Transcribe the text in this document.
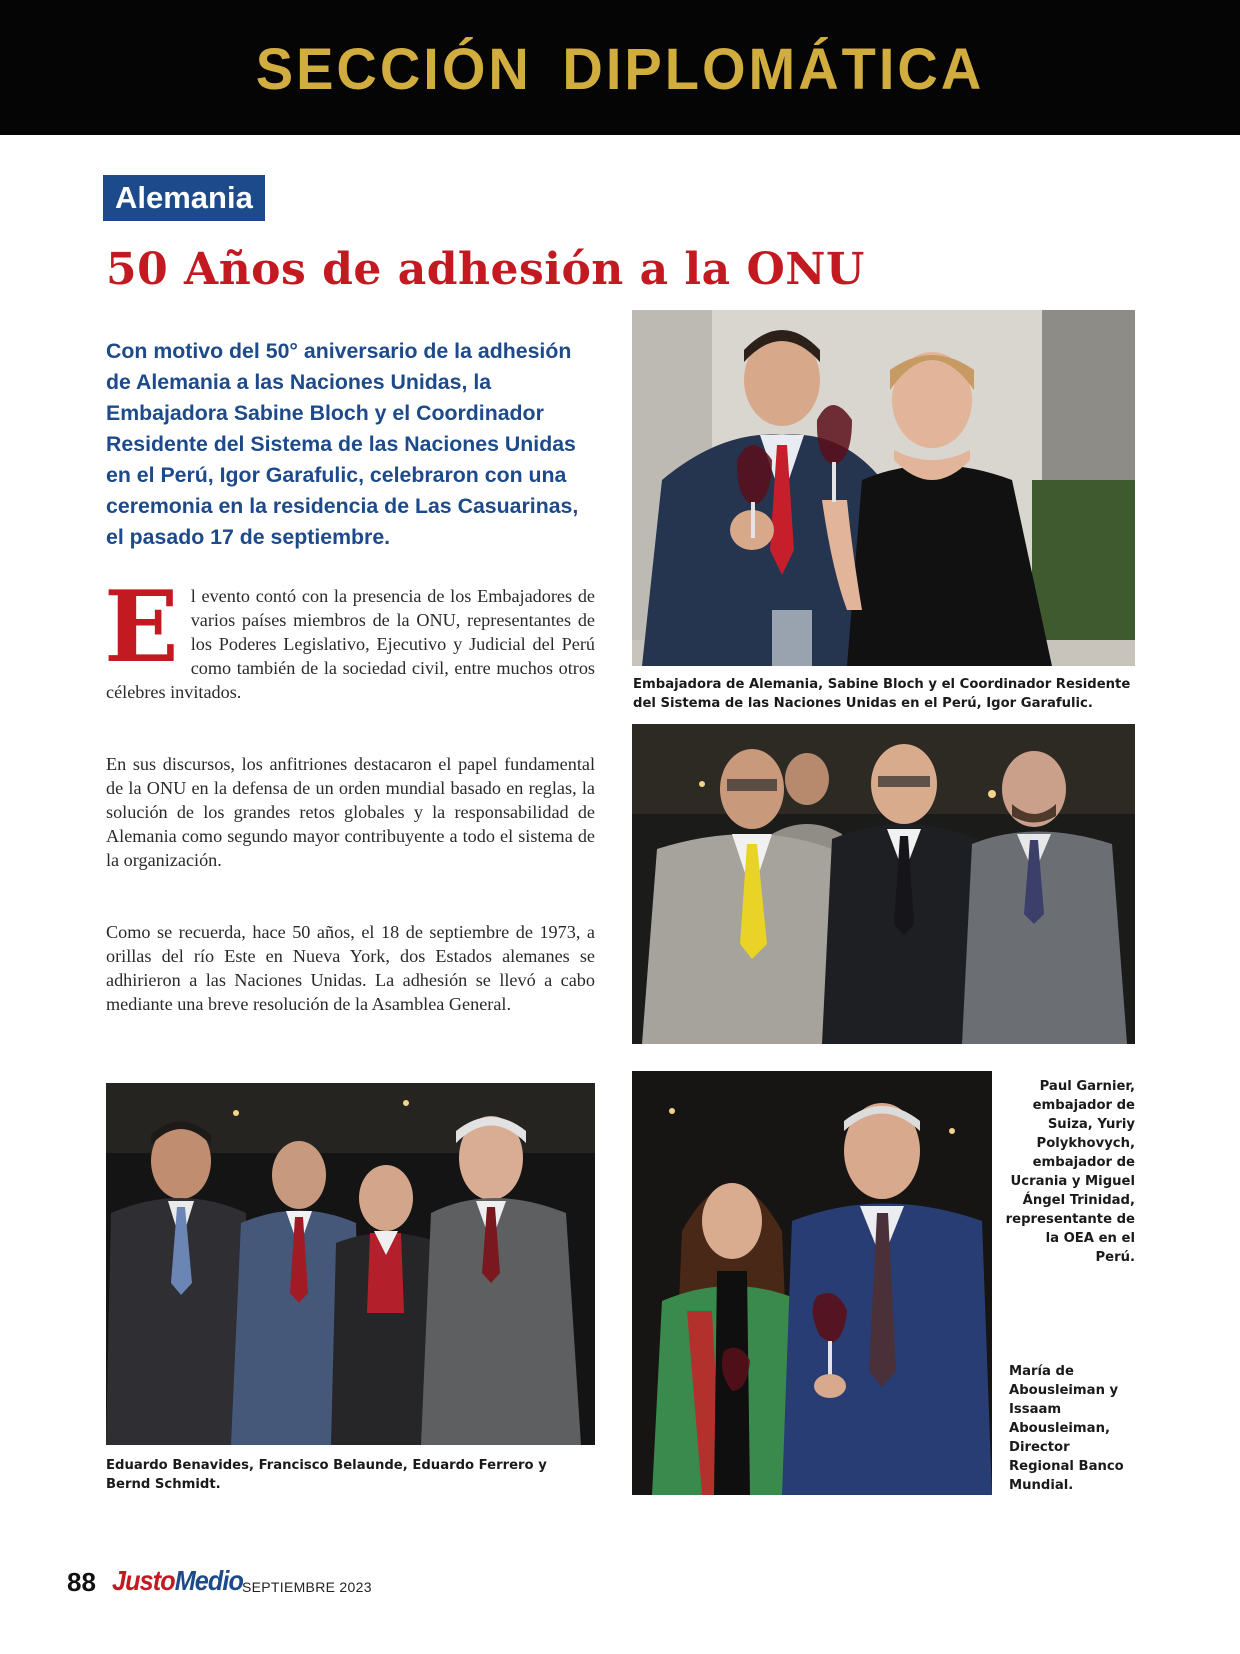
SECCIÓN DIPLOMÁTICA
Alemania
50 Años de adhesión a la ONU

Con motivo del 50° aniversario de la adhesión de Alemania a las Naciones Unidas, la Embajadora Sabine Bloch y el Coordinador Residente del Sistema de las Naciones Unidas en el Perú, Igor Garafulic, celebraron con una ceremonia en la residencia de Las Casuarinas, el pasado 17 de septiembre.

E l evento contó con la presencia de los Embajadores de varios países miembros de la ONU, representantes de los Poderes Legislativo, Ejecutivo y Judicial del Perú como también de la sociedad civil, entre muchos otros célebres invitados.

En sus discursos, los anfitriones destacaron el papel fundamental de la ONU en la defensa de un orden mundial basado en reglas, la solución de los grandes retos globales y la responsabilidad de Alemania como segundo mayor contribuyente a todo el sistema de la organización.

Como se recuerda, hace 50 años, el 18 de septiembre de 1973, a orillas del río Este en Nueva York, dos Estados alemanes se adhirieron a las Naciones Unidas. La adhesión se llevó a cabo mediante una breve resolución de la Asamblea General.

Embajadora de Alemania, Sabine Bloch y el Coordinador Residente del Sistema de las Naciones Unidas en el Perú, Igor Garafulic.
Paul Garnier, embajador de Suiza, Yuriy Polykhovych, embajador de Ucrania y Miguel Ángel Trinidad, representante de la OEA en el Perú.
Eduardo Benavides, Francisco Belaunde, Eduardo Ferrero y Bernd Schmidt.
María de Abousleiman y Issaam Abousleiman, Director Regional Banco Mundial.
88 JustoMedio
SEPTIEMBRE 2023
